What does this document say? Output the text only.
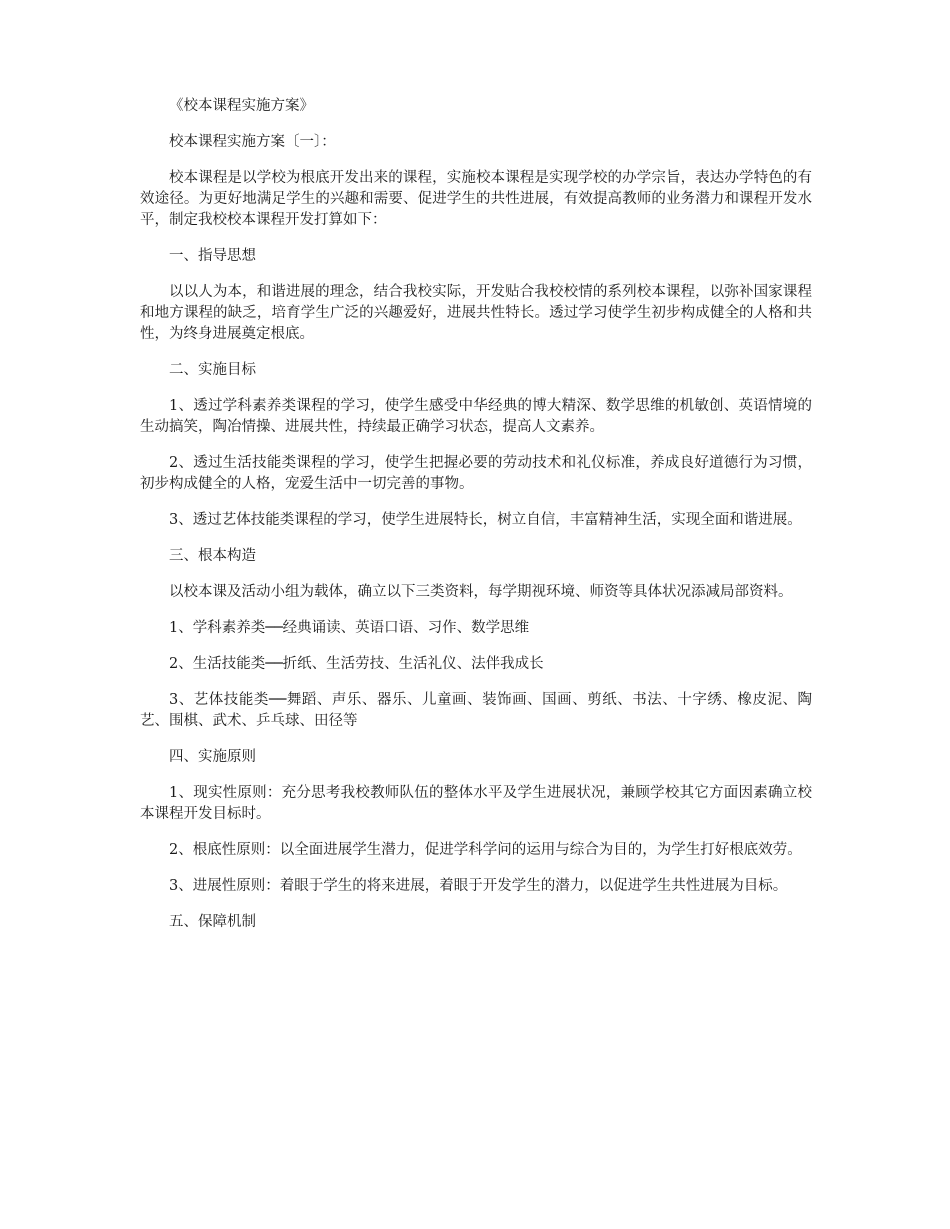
《校本课程实施方案》

校本课程实施方案〔一〕：

校本课程是以学校为根底开发出来的课程，实施校本课程是实现学校的办学宗旨，表达办学特色的有效途径。为更好地满足学生的兴趣和需要、促进学生的共性进展，有效提高教师的业务潜力和课程开发水平，制定我校校本课程开发打算如下：

一、指导思想

以以人为本，和谐进展的理念，结合我校实际，开发贴合我校校情的系列校本课程，以弥补国家课程和地方课程的缺乏，培育学生广泛的兴趣爱好，进展共性特长。透过学习使学生初步构成健全的人格和共性，为终身进展奠定根底。

二、实施目标

1、透过学科素养类课程的学习，使学生感受中华经典的博大精深、数学思维的机敏创、英语情境的生动搞笑，陶冶情操、进展共性，持续最正确学习状态，提高人文素养。

2、透过生活技能类课程的学习，使学生把握必要的劳动技术和礼仪标准，养成良好道德行为习惯，初步构成健全的人格，宠爱生活中一切完善的事物。

3、透过艺体技能类课程的学习，使学生进展特长，树立自信，丰富精神生活，实现全面和谐进展。

三、根本构造

以校本课及活动小组为载体，确立以下三类资料，每学期视环境、师资等具体状况添减局部资料。

1、学科素养类──经典诵读、英语口语、习作、数学思维

2、生活技能类──折纸、生活劳技、生活礼仪、法伴我成长

3、艺体技能类──舞蹈、声乐、器乐、儿童画、装饰画、国画、剪纸、书法、十字绣、橡皮泥、陶艺、围棋、武术、乒乓球、田径等

四、实施原则

1、现实性原则：充分思考我校教师队伍的整体水平及学生进展状况，兼顾学校其它方面因素确立校本课程开发目标时。

2、根底性原则：以全面进展学生潜力，促进学科学问的运用与综合为目的，为学生打好根底效劳。

3、进展性原则：着眼于学生的将来进展，着眼于开发学生的潜力，以促进学生共性进展为目标。

五、保障机制
